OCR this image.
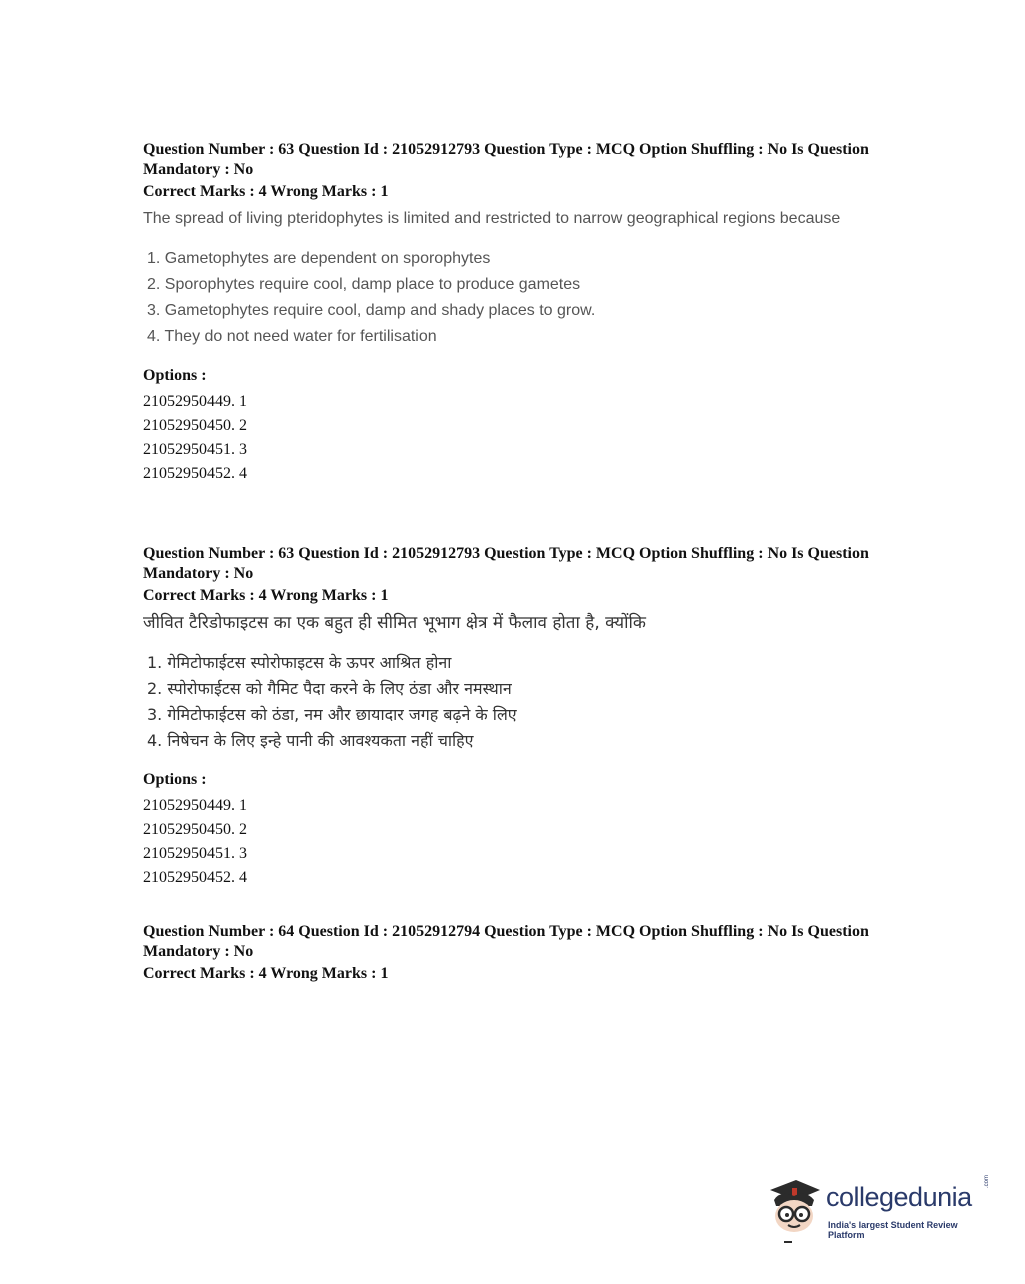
Question Number : 63 Question Id : 21052912793 Question Type : MCQ Option Shuffling : No Is Question Mandatory : No

Correct Marks : 4 Wrong Marks : 1

The spread of living pteridophytes is limited and restricted to narrow geographical regions because

1. Gametophytes are dependent on sporophytes
2. Sporophytes require cool, damp place to produce gametes
3. Gametophytes require cool, damp and shady places to grow.
4. They do not need water for fertilisation
Options :
21052950449. 1
21052950450. 2
21052950451. 3
21052950452. 4

Question Number : 63 Question Id : 21052912793 Question Type : MCQ Option Shuffling : No Is Question Mandatory : No

Correct Marks : 4 Wrong Marks : 1

जीवित टैरिडोफाइटस का एक बहुत ही सीमित भूभाग क्षेत्र में फैलाव होता है, क्योंकि

1. गेमिटोफाईटस स्पोरोफाइटस के ऊपर आश्रित होना
2. स्पोरोफाईटस को गैमिट पैदा करने के लिए ठंडा और नमस्थान
3. गेमिटोफाईटस को ठंडा, नम और छायादार जगह बढ़ने के लिए
4. निषेचन के लिए इन्हे पानी की आवश्यकता नहीं चाहिए
Options :
21052950449. 1
21052950450. 2
21052950451. 3
21052950452. 4

Question Number : 64 Question Id : 21052912794 Question Type : MCQ Option Shuffling : No Is Question Mandatory : No

Correct Marks : 4 Wrong Marks : 1

collegedunia
.com
India's largest Student Review Platform
